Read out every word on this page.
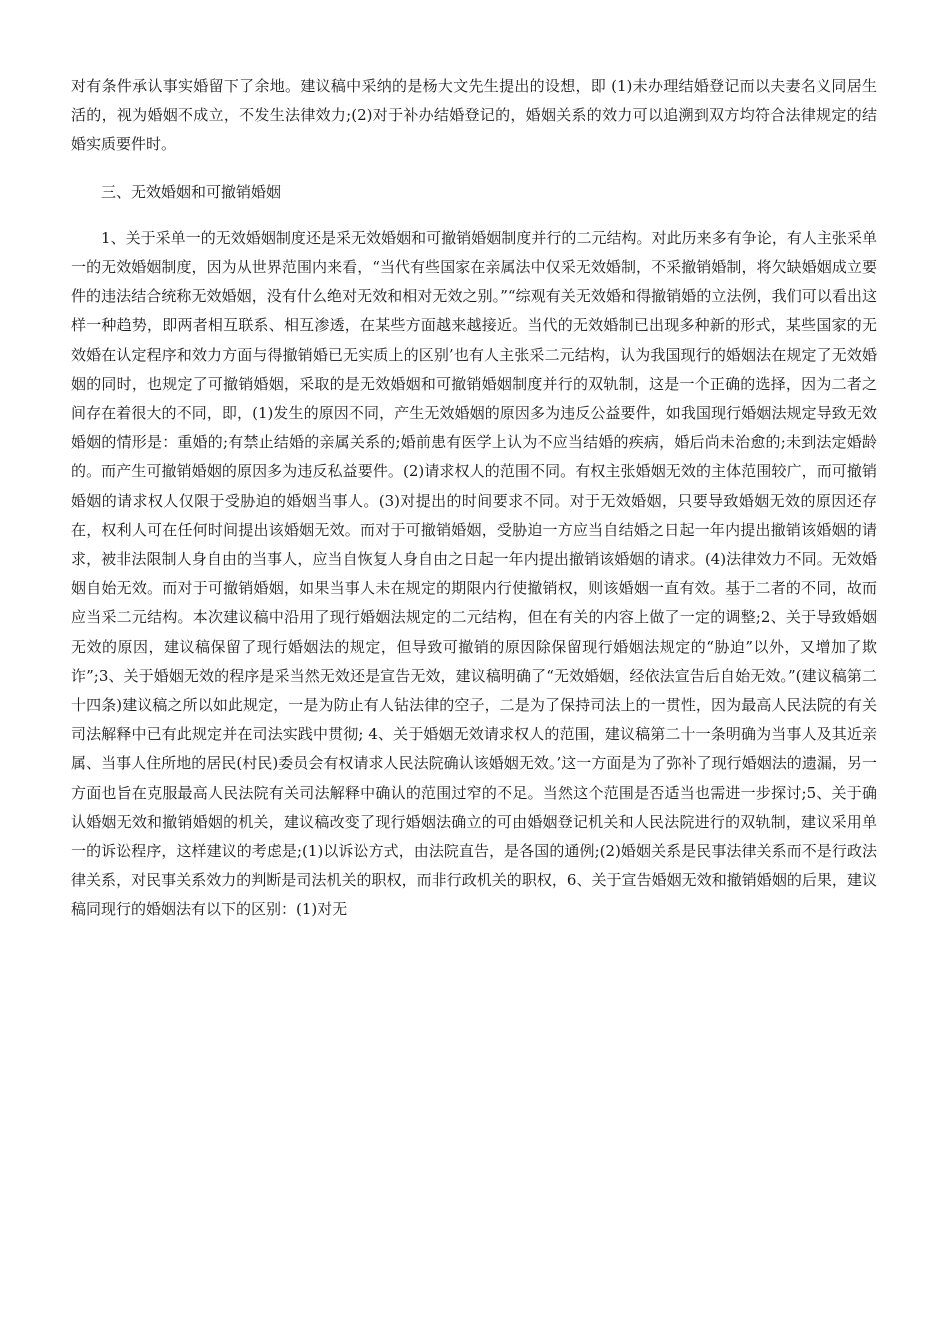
对有条件承认事实婚留下了余地。建议稿中采纳的是杨大文先生提出的设想，即 (1)未办理结婚登记而以夫妻名义同居生活的，视为婚姻不成立，不发生法律效力;(2)对于补办结婚登记的，婚姻关系的效力可以追溯到双方均符合法律规定的结婚实质要件时。

三、无效婚姻和可撤销婚姻

1、关于采单一的无效婚姻制度还是采无效婚姻和可撤销婚姻制度并行的二元结构。对此历来多有争论，有人主张采单一的无效婚姻制度，因为从世界范围内来看，“当代有些国家在亲属法中仅采无效婚制，不采撤销婚制，将欠缺婚姻成立要件的违法结合统称无效婚姻，没有什么绝对无效和相对无效之别。”“综观有关无效婚和得撤销婚的立法例，我们可以看出这样一种趋势，即两者相互联系、相互渗透，在某些方面越来越接近。当代的无效婚制已出现多种新的形式，某些国家的无效婚在认定程序和效力方面与得撤销婚已无实质上的区别’也有人主张采二元结构，认为我国现行的婚姻法在规定了无效婚姻的同时，也规定了可撤销婚姻，采取的是无效婚姻和可撤销婚姻制度并行的双轨制，这是一个正确的选择，因为二者之间存在着很大的不同，即，(1)发生的原因不同，产生无效婚姻的原因多为违反公益要件，如我国现行婚姻法规定导致无效婚姻的情形是：重婚的;有禁止结婚的亲属关系的;婚前患有医学上认为不应当结婚的疾病，婚后尚未治愈的;未到法定婚龄的。而产生可撤销婚姻的原因多为违反私益要件。(2)请求权人的范围不同。有权主张婚姻无效的主体范围较广，而可撤销婚姻的请求权人仅限于受胁迫的婚姻当事人。(3)对提出的时间要求不同。对于无效婚姻，只要导致婚姻无效的原因还存在，权利人可在任何时间提出该婚姻无效。而对于可撤销婚姻，受胁迫一方应当自结婚之日起一年内提出撤销该婚姻的请求，被非法限制人身自由的当事人，应当自恢复人身自由之日起一年内提出撤销该婚姻的请求。(4)法律效力不同。无效婚姻自始无效。而对于可撤销婚姻，如果当事人未在规定的期限内行使撤销权，则该婚姻一直有效。基于二者的不同，故而应当采二元结构。本次建议稿中沿用了现行婚姻法规定的二元结构，但在有关的内容上做了一定的调整;2、关于导致婚姻无效的原因，建议稿保留了现行婚姻法的规定，但导致可撤销的原因除保留现行婚姻法规定的“胁迫”以外，又增加了欺诈”;3、关于婚姻无效的程序是采当然无效还是宣告无效，建议稿明确了“无效婚姻，经依法宣告后自始无效。”(建议稿第二十四条)建议稿之所以如此规定，一是为防止有人钻法律的空子，二是为了保持司法上的一贯性，因为最高人民法院的有关司法解释中已有此规定并在司法实践中贯彻; 4、关于婚姻无效请求权人的范围，建议稿第二十一条明确为当事人及其近亲属、当事人住所地的居民(村民)委员会有权请求人民法院确认该婚姻无效。’这一方面是为了弥补了现行婚姻法的遗漏，另一方面也旨在克服最高人民法院有关司法解释中确认的范围过窄的不足。当然这个范围是否适当也需进一步探讨;5、关于确认婚姻无效和撤销婚姻的机关，建议稿改变了现行婚姻法确立的可由婚姻登记机关和人民法院进行的双轨制，建议采用单一的诉讼程序，这样建议的考虑是;(1)以诉讼方式，由法院直告，是各国的通例;(2)婚姻关系是民事法律关系而不是行政法律关系，对民事关系效力的判断是司法机关的职权，而非行政机关的职权，6、关于宣告婚姻无效和撤销婚姻的后果，建议稿同现行的婚姻法有以下的区别：(1)对无
